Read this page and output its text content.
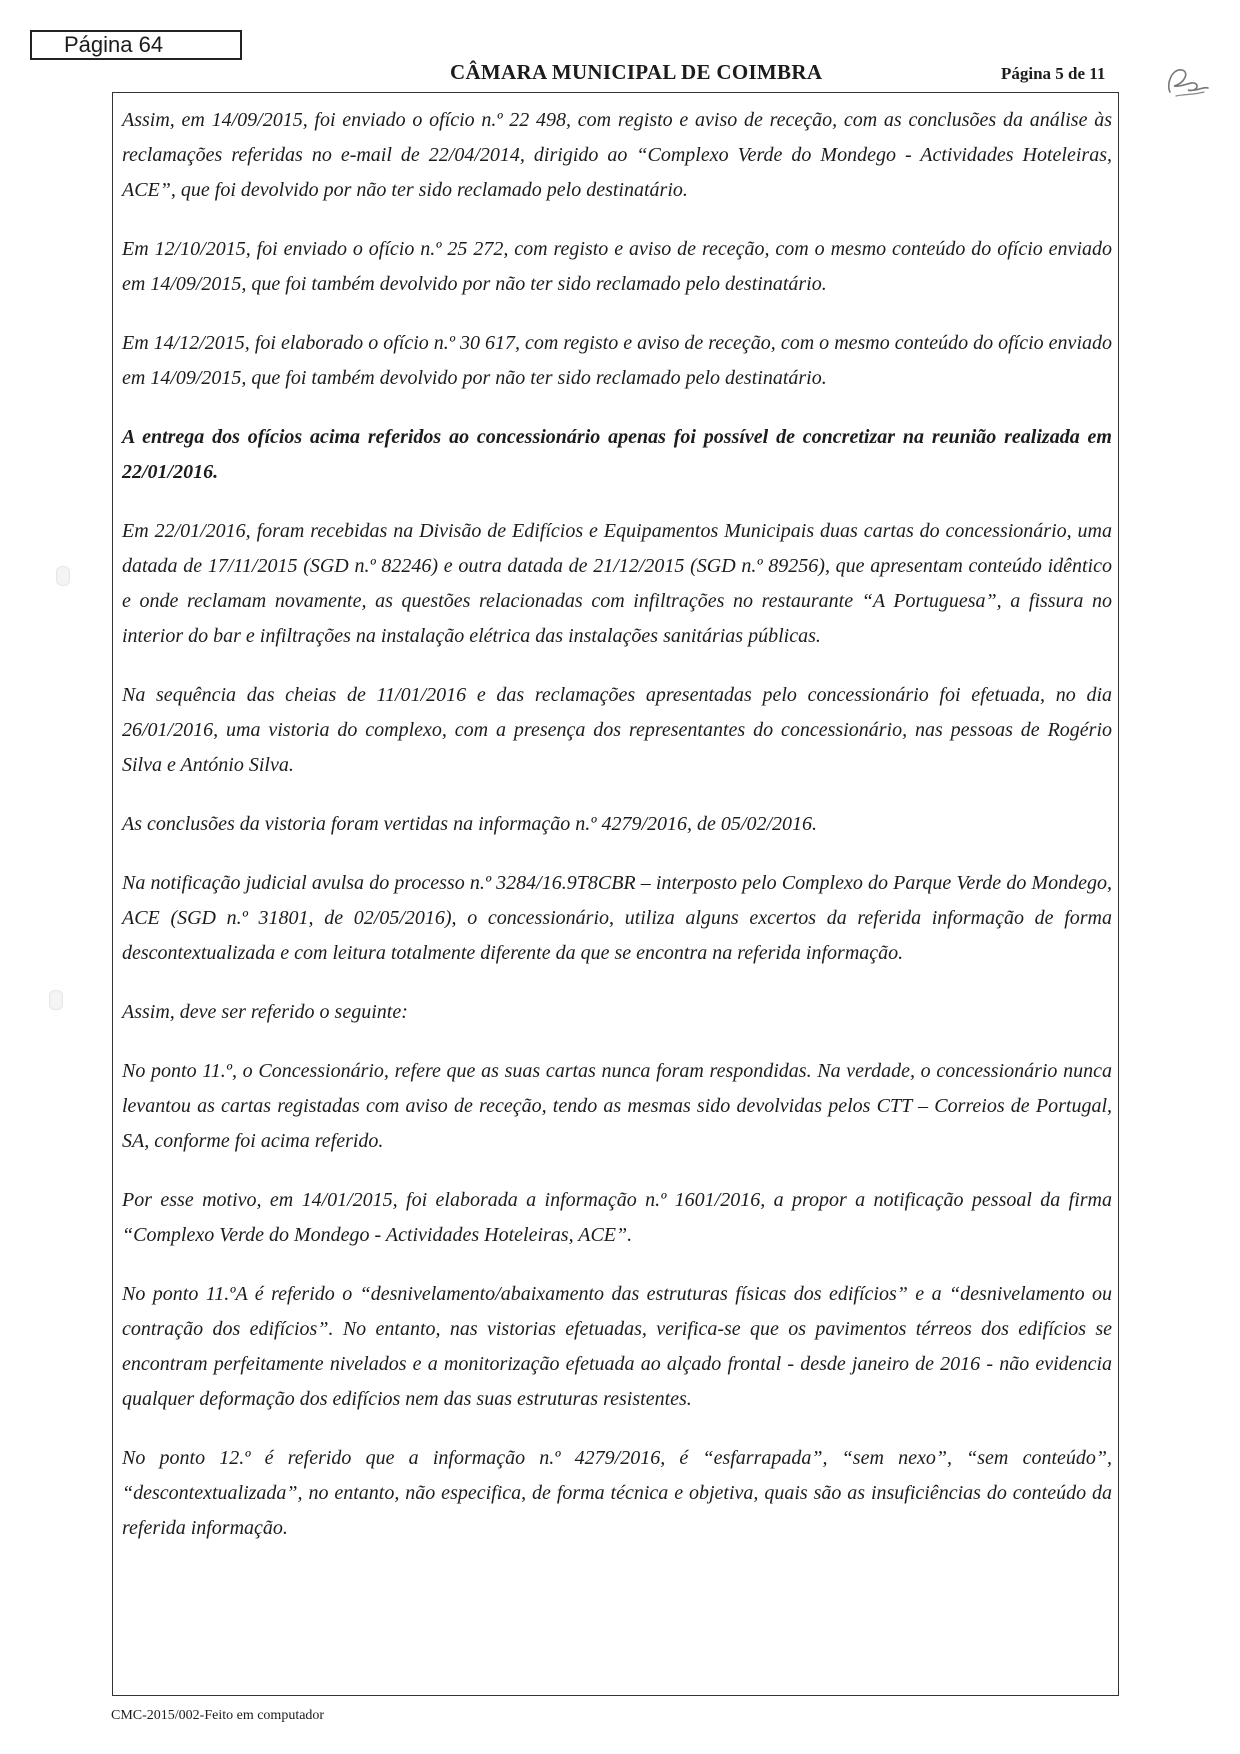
Página 64
CÂMARA MUNICIPAL DE COIMBRA	Página 5 de 11

Assim, em 14/09/2015, foi enviado o ofício n.º 22 498, com registo e aviso de receção, com as conclusões da análise às reclamações referidas no e-mail de 22/04/2014, dirigido ao “Complexo Verde do Mondego - Actividades Hoteleiras, ACE”, que foi devolvido por não ter sido reclamado pelo destinatário.

Em 12/10/2015, foi enviado o ofício n.º 25 272, com registo e aviso de receção, com o mesmo conteúdo do ofício enviado em 14/09/2015, que foi também devolvido por não ter sido reclamado pelo destinatário.

Em 14/12/2015, foi elaborado o ofício n.º 30 617, com registo e aviso de receção, com o mesmo conteúdo do ofício enviado em 14/09/2015, que foi também devolvido por não ter sido reclamado pelo destinatário.

A entrega dos ofícios acima referidos ao concessionário apenas foi possível de concretizar na reunião realizada em 22/01/2016.

Em 22/01/2016, foram recebidas na Divisão de Edifícios e Equipamentos Municipais duas cartas do concessionário, uma datada de 17/11/2015 (SGD n.º 82246) e outra datada de 21/12/2015 (SGD n.º 89256), que apresentam conteúdo idêntico e onde reclamam novamente, as questões relacionadas com infiltrações no restaurante “A Portuguesa”, a fissura no interior do bar e infiltrações na instalação elétrica das instalações sanitárias públicas.

Na sequência das cheias de 11/01/2016 e das reclamações apresentadas pelo concessionário foi efetuada, no dia 26/01/2016, uma vistoria do complexo, com a presença dos representantes do concessionário, nas pessoas de Rogério Silva e António Silva.

As conclusões da vistoria foram vertidas na informação n.º 4279/2016, de 05/02/2016.

Na notificação judicial avulsa do processo n.º 3284/16.9T8CBR – interposto pelo Complexo do Parque Verde do Mondego, ACE (SGD n.º 31801, de 02/05/2016), o concessionário, utiliza alguns excertos da referida informação de forma descontextualizada e com leitura totalmente diferente da que se encontra na referida informação.

Assim, deve ser referido o seguinte:

No ponto 11.º, o Concessionário, refere que as suas cartas nunca foram respondidas. Na verdade, o concessionário nunca levantou as cartas registadas com aviso de receção, tendo as mesmas sido devolvidas pelos CTT – Correios de Portugal, SA, conforme foi acima referido.

Por esse motivo, em 14/01/2015, foi elaborada a informação n.º 1601/2016, a propor a notificação pessoal da firma “Complexo Verde do Mondego - Actividades Hoteleiras, ACE”.

No ponto 11.ºA é referido o “desnivelamento/abaixamento das estruturas físicas dos edifícios” e a “desnivelamento ou contração dos edifícios”. No entanto, nas vistorias efetuadas, verifica-se que os pavimentos térreos dos edifícios se encontram perfeitamente nivelados e a monitorização efetuada ao alçado frontal - desde janeiro de 2016 - não evidencia qualquer deformação dos edifícios nem das suas estruturas resistentes.

No ponto 12.º é referido que a informação n.º 4279/2016, é “esfarrapada”, “sem nexo”, “sem conteúdo”, “descontextualizada”, no entanto, não especifica, de forma técnica e objetiva, quais são as insuficiências do conteúdo da referida informação.

CMC-2015/002-Feito em computador
